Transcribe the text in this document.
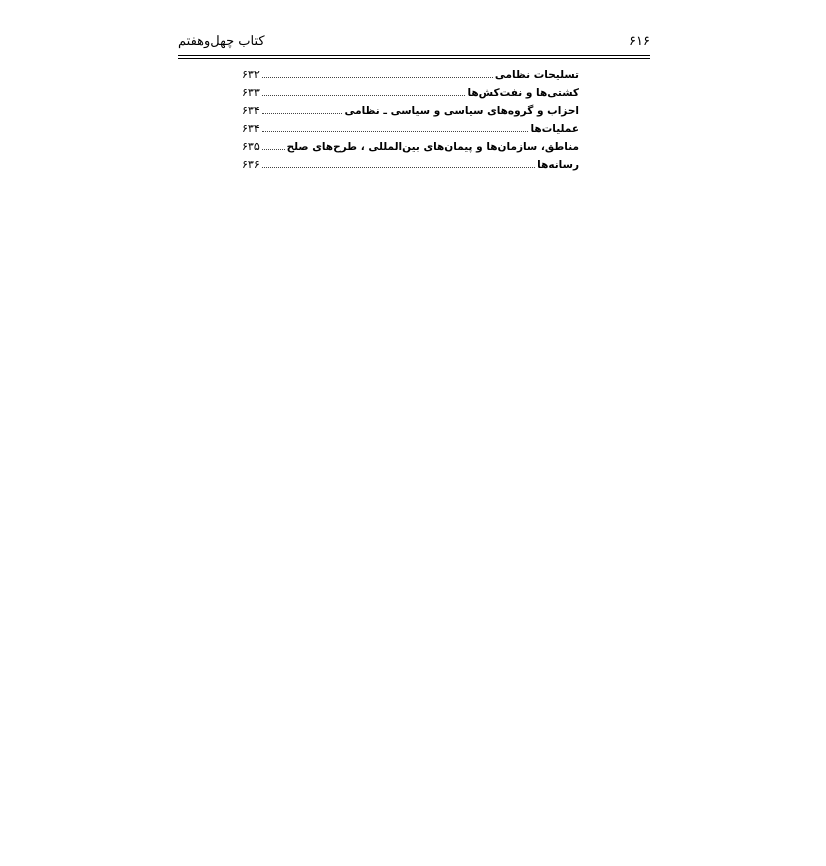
کتاب چهل‌وهفتم	۶۱۶
۶۳۲	تسلیحات نظامی
۶۳۳	کشتی‌ها و نفت‌کش‌ها
۶۳۴	احزاب و گروه‌های سیاسی و سیاسی ـ نظامی
۶۳۴	عملیات‌ها
۶۳۵	مناطق، سازمان‌ها و پیمان‌های بین‌المللی ، طرح‌های صلح
۶۳۶	رسانه‌ها
